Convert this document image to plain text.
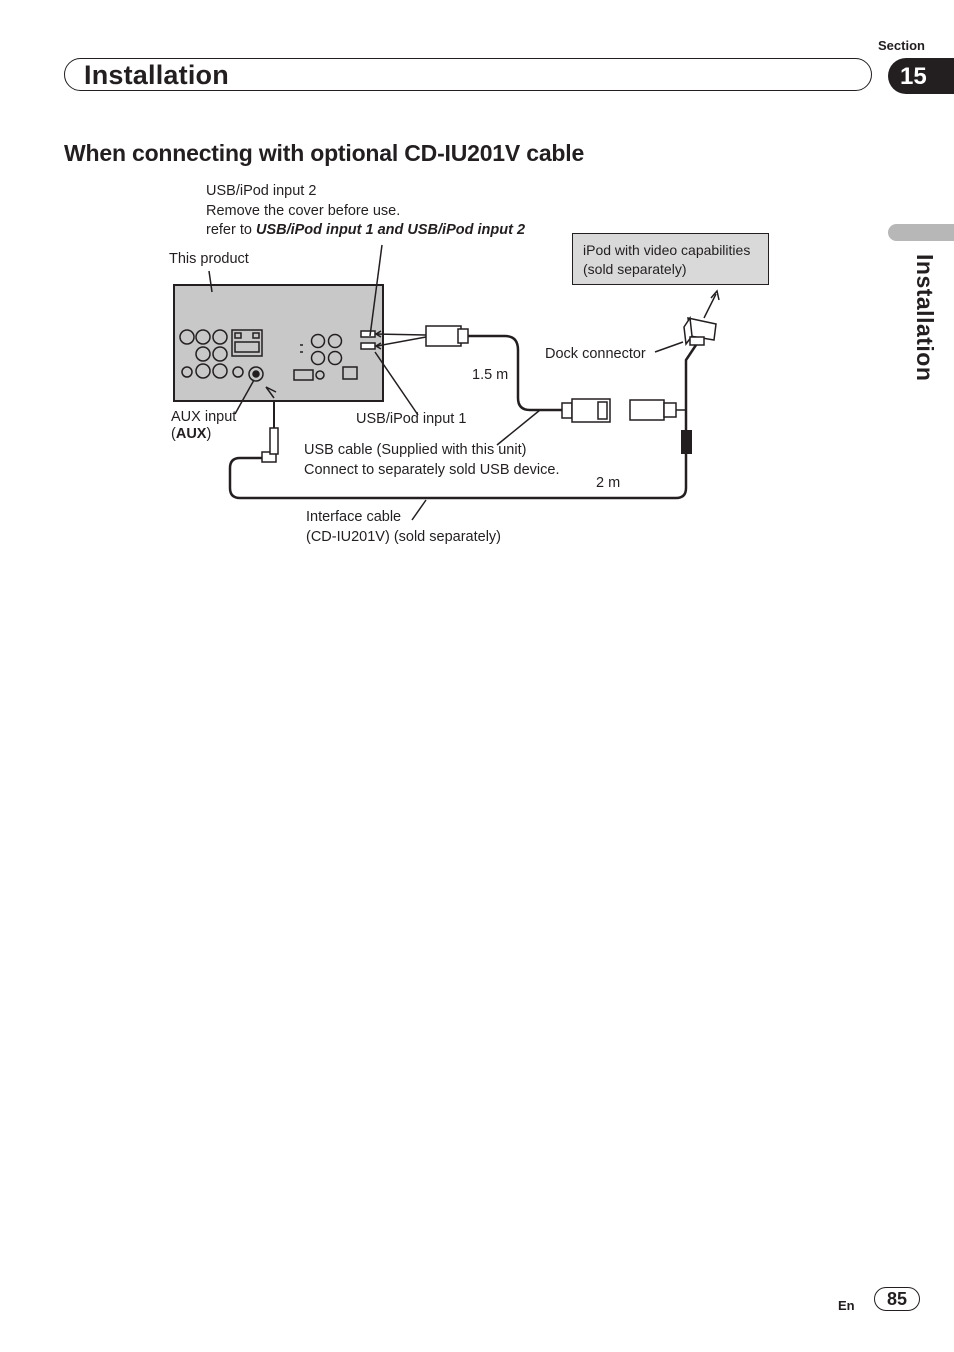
Section
Installation	15
Installation
When connecting with optional CD-IU201V cable
USB/iPod input 2
Remove the cover before use.
refer to USB/iPod input 1 and USB/iPod input 2
This product
iPod with video capabilities
(sold separately)
Dock connector
1.5 m
2 m
AUX input
(AUX)
USB/iPod input 1
USB cable (Supplied with this unit)
Connect to separately sold USB device.
Interface cable
(CD-IU201V) (sold separately)
En	85
